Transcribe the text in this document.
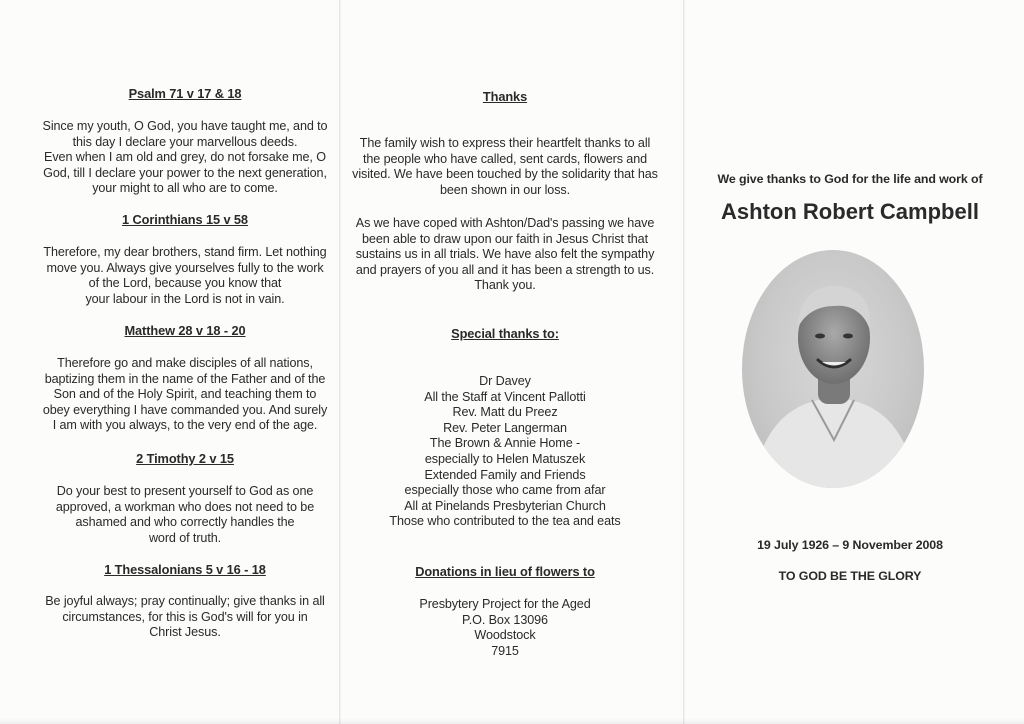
Psalm 71 v 17 & 18
Since my youth, O God, you have taught me, and to
this day I declare your marvellous deeds.
Even when I am old and grey, do not forsake me, O
God, till I declare your power to the next generation,
your might to all who are to come.
1 Corinthians 15 v 58
Therefore, my dear brothers, stand firm. Let nothing
move you. Always give yourselves fully to the work
of the Lord, because you know that
your labour in the Lord is not in vain.
Matthew 28 v 18 - 20
Therefore go and make disciples of all nations,
baptizing them in the name of the Father and of the
Son and of the Holy Spirit, and teaching them to
obey everything I have commanded you. And surely
I am with you always, to the very end of the age.
2 Timothy 2 v 15
Do your best to present yourself to God as one
approved, a workman who does not need to be
ashamed and who correctly handles the
word of truth.
1 Thessalonians 5 v 16 - 18
Be joyful always; pray continually; give thanks in all
circumstances, for this is God's will for you in
Christ Jesus.
Thanks
The family wish to express their heartfelt thanks to all
the people who have called, sent cards, flowers and
visited. We have been touched by the solidarity that has
been shown in our loss.
As we have coped with Ashton/Dad's passing we have
been able to draw upon our faith in Jesus Christ that
sustains us in all trials. We have also felt the sympathy
and prayers of you all and it has been a strength to us.
Thank you.
Special thanks to:
Dr Davey
All the Staff at Vincent Pallotti
Rev. Matt du Preez
Rev. Peter Langerman
The Brown & Annie Home -
especially to Helen Matuszek
Extended Family and Friends
especially those who came from afar
All at Pinelands Presbyterian Church
Those who contributed to the tea and eats
Donations in lieu of flowers to
Presbytery Project for the Aged
P.O. Box 13096
Woodstock
7915
We give thanks to God for the life and work of
Ashton Robert Campbell
19 July 1926 – 9 November 2008
TO GOD BE THE GLORY
